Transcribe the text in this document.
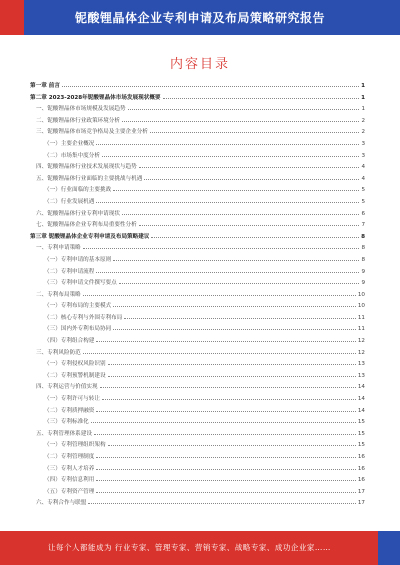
铌酸锂晶体企业专利申请及布局策略研究报告
内容目录
第一章 前言	1
第二章 2023-2028年铌酸锂晶体市场发展现状概要	1
一、铌酸锂晶体市场规模及发展趋势	1
二、铌酸锂晶体行业政策环境分析	2
三、铌酸锂晶体市场竞争格局及主要企业分析	2
（一）主要企业概况	3
（二）市场集中度分析	3
四、铌酸锂晶体行业技术发展现状与趋势	4
五、铌酸锂晶体行业面临的主要挑战与机遇	4
（一）行业面临的主要挑战	5
（二）行业发展机遇	5
六、铌酸锂晶体行业专利申请现状	6
七、铌酸锂晶体企业专利布局重要性分析	7
第三章 铌酸锂晶体企业专利申请及布局策略建议	8
一、专利申请策略	8
（一）专利申请的基本原则	8
（二）专利申请流程	9
（三）专利申请文件撰写要点	9
二、专利布局策略	10
（一）专利布局的主要模式	10
（二）核心专利与外围专利布局	11
（三）国内外专利布局协同	11
（四）专利组合构建	12
三、专利风险防范	12
（一）专利侵权风险识别	13
（二）专利预警机制建设	13
四、专利运营与价值实现	14
（一）专利许可与转让	14
（二）专利质押融资	14
（三）专利标准化	15
五、专利管理体系建设	15
（一）专利管理组织架构	15
（二）专利管理制度	16
（三）专利人才培养	16
（四）专利信息利用	16
（五）专利资产管理	17
六、专利合作与联盟	17
让每个人都能成为 行业专家、管理专家、营销专家、战略专家、成功企业家……
